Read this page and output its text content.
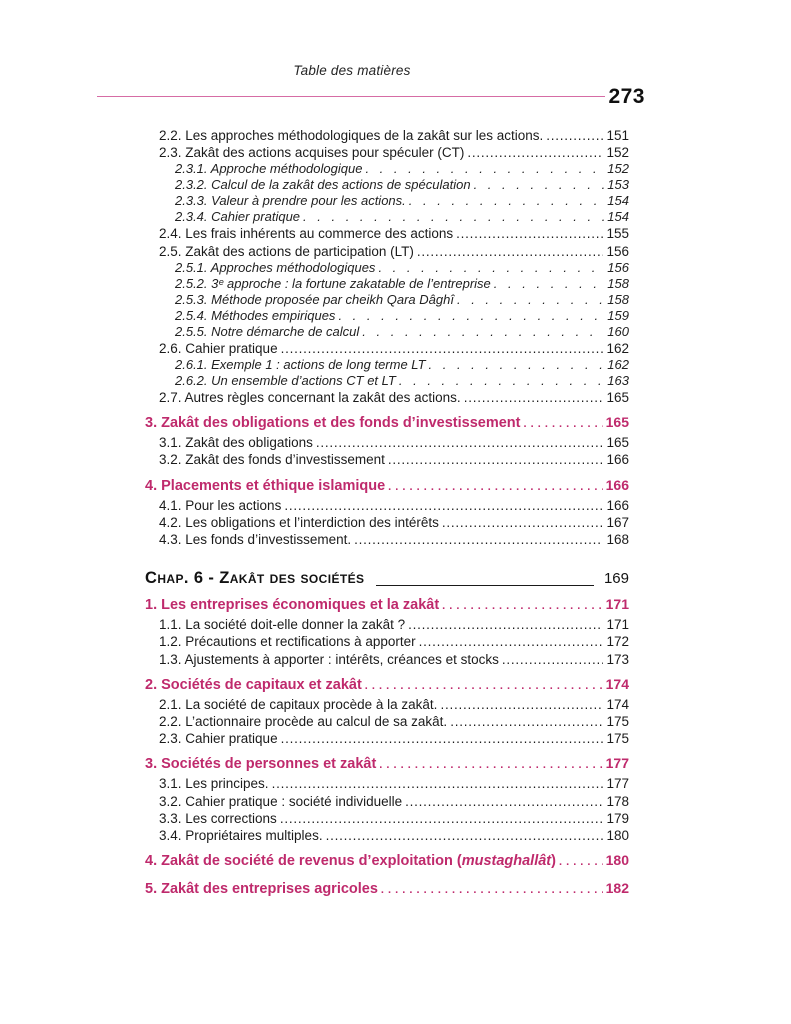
Table des matières
273
2.2. Les approches méthodologiques de la zakât sur les actions. . . .	151
2.3. Zakât des actions acquises pour spéculer (CT) . . .	152
2.3.1. Approche méthodologique . . .	152
2.3.2. Calcul de la zakât des actions de spéculation . . .	153
2.3.3. Valeur à prendre pour les actions. . . .	154
2.3.4. Cahier pratique . . .	154
2.4. Les frais inhérents au commerce des actions . . .	155
2.5. Zakât des actions de participation (LT) . . .	156
2.5.1. Approches méthodologiques . . .	156
2.5.2. 3ᵉ approche : la fortune zakatable de l’entreprise . . .	158
2.5.3. Méthode proposée par cheikh Qara Dâghî . . .	158
2.5.4. Méthodes empiriques . . .	159
2.5.5. Notre démarche de calcul . . .	160
2.6. Cahier pratique . . .	162
2.6.1. Exemple 1 : actions de long terme LT . . .	162
2.6.2. Un ensemble d’actions CT et LT . . .	163
2.7. Autres règles concernant la zakât des actions. . . .	165
3. Zakât des obligations et des fonds d’investissement . . .	165
3.1. Zakât des obligations . . .	165
3.2. Zakât des fonds d’investissement . . .	166
4. Placements et éthique islamique . . .	166
4.1. Pour les actions . . .	166
4.2. Les obligations et l’interdiction des intérêts . . .	167
4.3. Les fonds d’investissement. . . .	168
Chap. 6 - Zakât des sociétés	169
1. Les entreprises économiques et la zakât . . .	171
1.1. La société doit-elle donner la zakât ? . . .	171
1.2. Précautions et rectifications à apporter . . .	172
1.3. Ajustements à apporter : intérêts, créances et stocks . . .	173
2. Sociétés de capitaux et zakât . . .	174
2.1. La société de capitaux procède à la zakât. . . .	174
2.2. L’actionnaire procède au calcul de sa zakât. . . .	175
2.3. Cahier pratique . . .	175
3. Sociétés de personnes et zakât . . .	177
3.1. Les principes. . . .	177
3.2. Cahier pratique : société individuelle . . .	178
3.3. Les corrections . . .	179
3.4. Propriétaires multiples. . . .	180
4. Zakât de société de revenus d’exploitation ( mustaghallât ) . . .	180
5. Zakât des entreprises agricoles . . .	182
